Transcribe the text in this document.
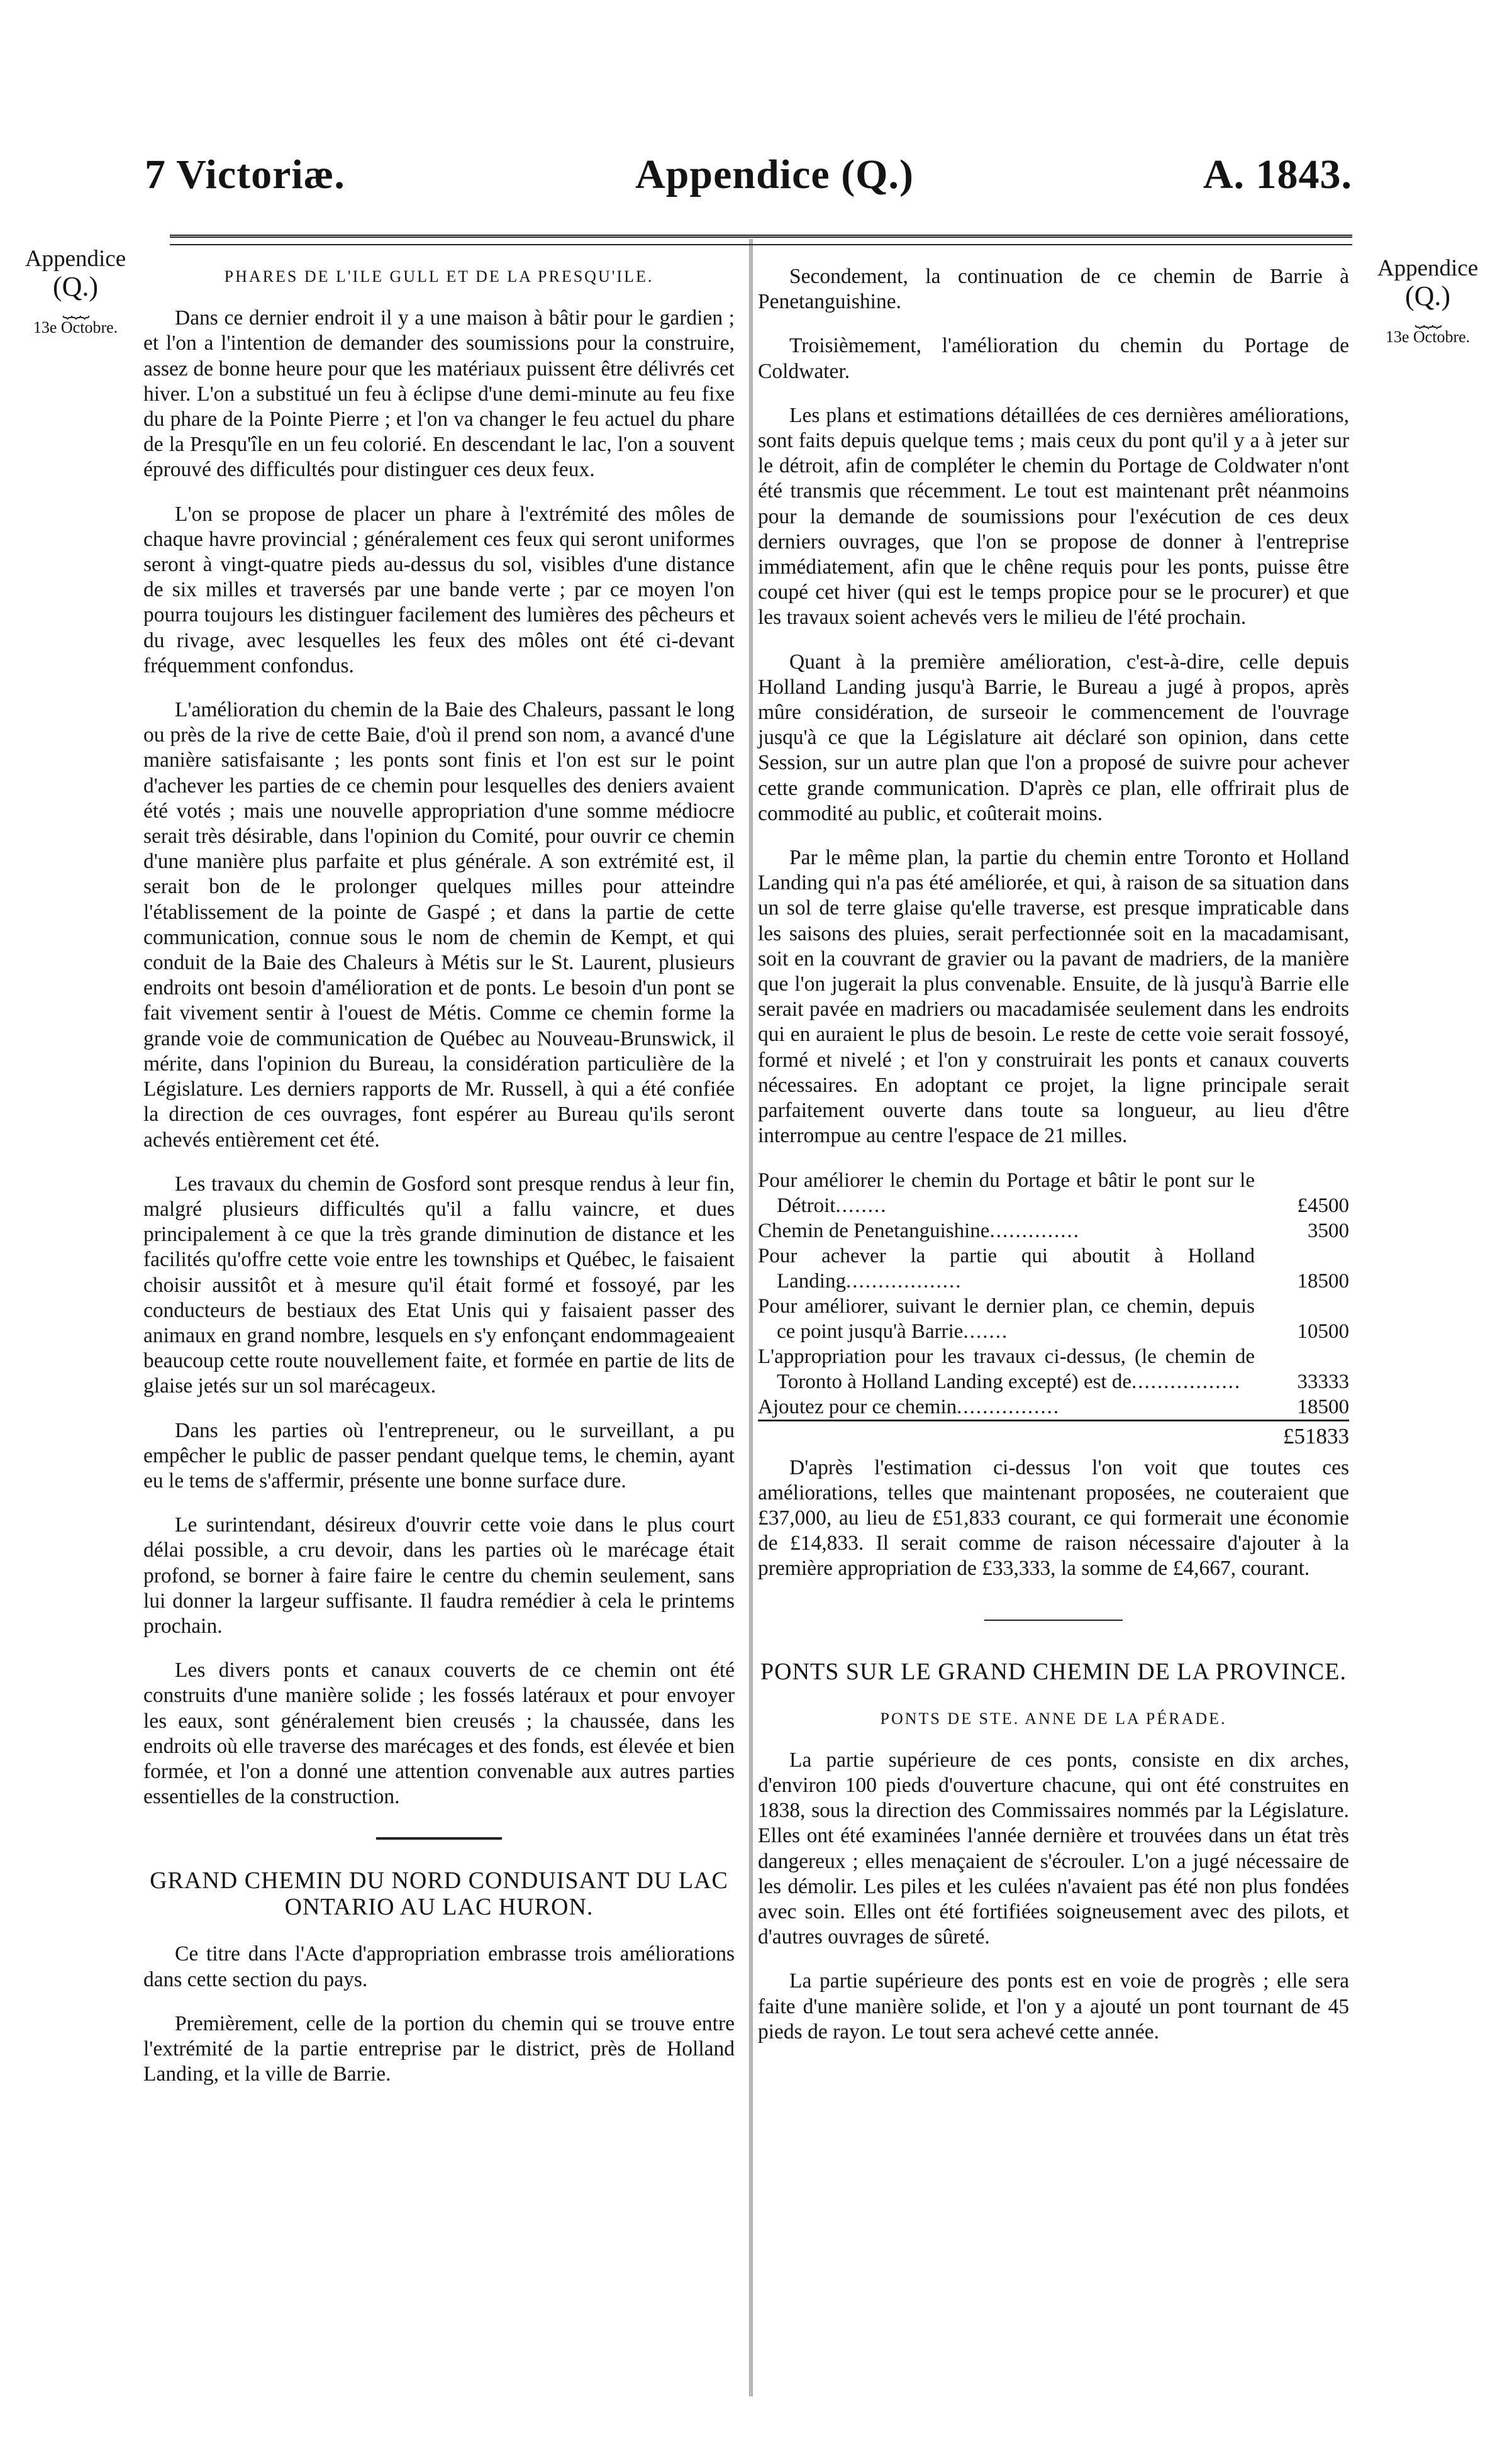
7 Victoriæ.	Appendice (Q.)	A. 1843.
Appendice
(Q.)
⏟⏟⏟
13e Octobre.
Appendice
(Q.)
⏟⏟⏟
13e Octobre.
PHARES DE L'ILE GULL ET DE LA PRESQU'ILE.

Dans ce dernier endroit il y a une maison à bâtir pour le gardien ; et l'on a l'intention de demander des soumissions pour la construire, assez de bonne heure pour que les matériaux puissent être délivrés cet hiver. L'on a substitué un feu à éclipse d'une demi-minute au feu fixe du phare de la Pointe Pierre ; et l'on va changer le feu actuel du phare de la Presqu'île en un feu colorié. En descendant le lac, l'on a souvent éprouvé des difficultés pour distinguer ces deux feux.

L'on se propose de placer un phare à l'extrémité des môles de chaque havre provincial ; généralement ces feux qui seront uniformes seront à vingt-quatre pieds au-dessus du sol, visibles d'une distance de six milles et traversés par une bande verte ; par ce moyen l'on pourra toujours les distinguer facilement des lumières des pêcheurs et du rivage, avec lesquelles les feux des môles ont été ci-devant fréquemment confondus.

L'amélioration du chemin de la Baie des Chaleurs, passant le long ou près de la rive de cette Baie, d'où il prend son nom, a avancé d'une manière satisfaisante ; les ponts sont finis et l'on est sur le point d'achever les parties de ce chemin pour lesquelles des deniers avaient été votés ; mais une nouvelle appropriation d'une somme médiocre serait très désirable, dans l'opinion du Comité, pour ouvrir ce chemin d'une manière plus parfaite et plus générale. A son extrémité est, il serait bon de le prolonger quelques milles pour atteindre l'établissement de la pointe de Gaspé ; et dans la partie de cette communication, connue sous le nom de chemin de Kempt, et qui conduit de la Baie des Chaleurs à Métis sur le St. Laurent, plusieurs endroits ont besoin d'amélioration et de ponts. Le besoin d'un pont se fait vivement sentir à l'ouest de Métis. Comme ce chemin forme la grande voie de communication de Québec au Nouveau-Brunswick, il mérite, dans l'opinion du Bureau, la considération particulière de la Législature. Les derniers rapports de Mr. Russell, à qui a été confiée la direction de ces ouvrages, font espérer au Bureau qu'ils seront achevés entièrement cet été.

Les travaux du chemin de Gosford sont presque rendus à leur fin, malgré plusieurs difficultés qu'il a fallu vaincre, et dues principalement à ce que la très grande diminution de distance et les facilités qu'offre cette voie entre les townships et Québec, le faisaient choisir aussitôt et à mesure qu'il était formé et fossoyé, par les conducteurs de bestiaux des Etat Unis qui y faisaient passer des animaux en grand nombre, lesquels en s'y enfonçant endommageaient beaucoup cette route nouvellement faite, et formée en partie de lits de glaise jetés sur un sol marécageux.

Dans les parties où l'entrepreneur, ou le surveillant, a pu empêcher le public de passer pendant quelque tems, le chemin, ayant eu le tems de s'affermir, présente une bonne surface dure.

Le surintendant, désireux d'ouvrir cette voie dans le plus court délai possible, a cru devoir, dans les parties où le marécage était profond, se borner à faire faire le centre du chemin seulement, sans lui donner la largeur suffisante. Il faudra remédier à cela le printems prochain.

Les divers ponts et canaux couverts de ce chemin ont été construits d'une manière solide ; les fossés latéraux et pour envoyer les eaux, sont généralement bien creusés ; la chaussée, dans les endroits où elle traverse des marécages et des fonds, est élevée et bien formée, et l'on a donné une attention convenable aux autres parties essentielles de la construction.

GRAND CHEMIN DU NORD CONDUISANT DU LAC ONTARIO AU LAC HURON.

Ce titre dans l'Acte d'appropriation embrasse trois améliorations dans cette section du pays.

Premièrement, celle de la portion du chemin qui se trouve entre l'extrémité de la partie entreprise par le district, près de Holland Landing, et la ville de Barrie.

Secondement, la continuation de ce chemin de Barrie à Penetanguishine.

Troisièmement, l'amélioration du chemin du Portage de Coldwater.

Les plans et estimations détaillées de ces dernières améliorations, sont faits depuis quelque tems ; mais ceux du pont qu'il y a à jeter sur le détroit, afin de compléter le chemin du Portage de Coldwater n'ont été transmis que récemment. Le tout est maintenant prêt néanmoins pour la demande de soumissions pour l'exécution de ces deux derniers ouvrages, que l'on se propose de donner à l'entreprise immédiatement, afin que le chêne requis pour les ponts, puisse être coupé cet hiver (qui est le temps propice pour se le procurer) et que les travaux soient achevés vers le milieu de l'été prochain.

Quant à la première amélioration, c'est-à-dire, celle depuis Holland Landing jusqu'à Barrie, le Bureau a jugé à propos, après mûre considération, de surseoir le commencement de l'ouvrage jusqu'à ce que la Législature ait déclaré son opinion, dans cette Session, sur un autre plan que l'on a proposé de suivre pour achever cette grande communication. D'après ce plan, elle offrirait plus de commodité au public, et coûterait moins.

Par le même plan, la partie du chemin entre Toronto et Holland Landing qui n'a pas été améliorée, et qui, à raison de sa situation dans un sol de terre glaise qu'elle traverse, est presque impraticable dans les saisons des pluies, serait perfectionnée soit en la macadamisant, soit en la couvrant de gravier ou la pavant de madriers, de la manière que l'on jugerait la plus convenable. Ensuite, de là jusqu'à Barrie elle serait pavée en madriers ou macadamisée seulement dans les endroits qui en auraient le plus de besoin. Le reste de cette voie serait fossoyé, formé et nivelé ; et l'on y construirait les ponts et canaux couverts nécessaires. En adoptant ce projet, la ligne principale serait parfaitement ouverte dans toute sa longueur, au lieu d'être interrompue au centre l'espace de 21 milles.

Pour améliorer le chemin du Portage et bâtir le pont sur le Détroit........	£4500
Chemin de Penetanguishine..............	3500
Pour achever la partie qui aboutit à Holland Landing..................	18500
Pour améliorer, suivant le dernier plan, ce chemin, depuis ce point jusqu'à Barrie.......	10500
L'appropriation pour les travaux ci-dessus, (le chemin de Toronto à Holland Landing excepté) est de.................	33333
Ajoutez pour ce chemin................	18500
	£51833

D'après l'estimation ci-dessus l'on voit que toutes ces améliorations, telles que maintenant proposées, ne couteraient que £37,000, au lieu de £51,833 courant, ce qui formerait une économie de £14,833. Il serait comme de raison nécessaire d'ajouter à la première appropriation de £33,333, la somme de £4,667, courant.

PONTS SUR LE GRAND CHEMIN DE LA PROVINCE.
PONTS DE STE. ANNE DE LA PÉRADE.

La partie supérieure de ces ponts, consiste en dix arches, d'environ 100 pieds d'ouverture chacune, qui ont été construites en 1838, sous la direction des Commissaires nommés par la Législature. Elles ont été examinées l'année dernière et trouvées dans un état très dangereux ; elles menaçaient de s'écrouler. L'on a jugé nécessaire de les démolir. Les piles et les culées n'avaient pas été non plus fondées avec soin. Elles ont été fortifiées soigneusement avec des pilots, et d'autres ouvrages de sûreté.

La partie supérieure des ponts est en voie de progrès ; elle sera faite d'une manière solide, et l'on y a ajouté un pont tournant de 45 pieds de rayon. Le tout sera achevé cette année.
